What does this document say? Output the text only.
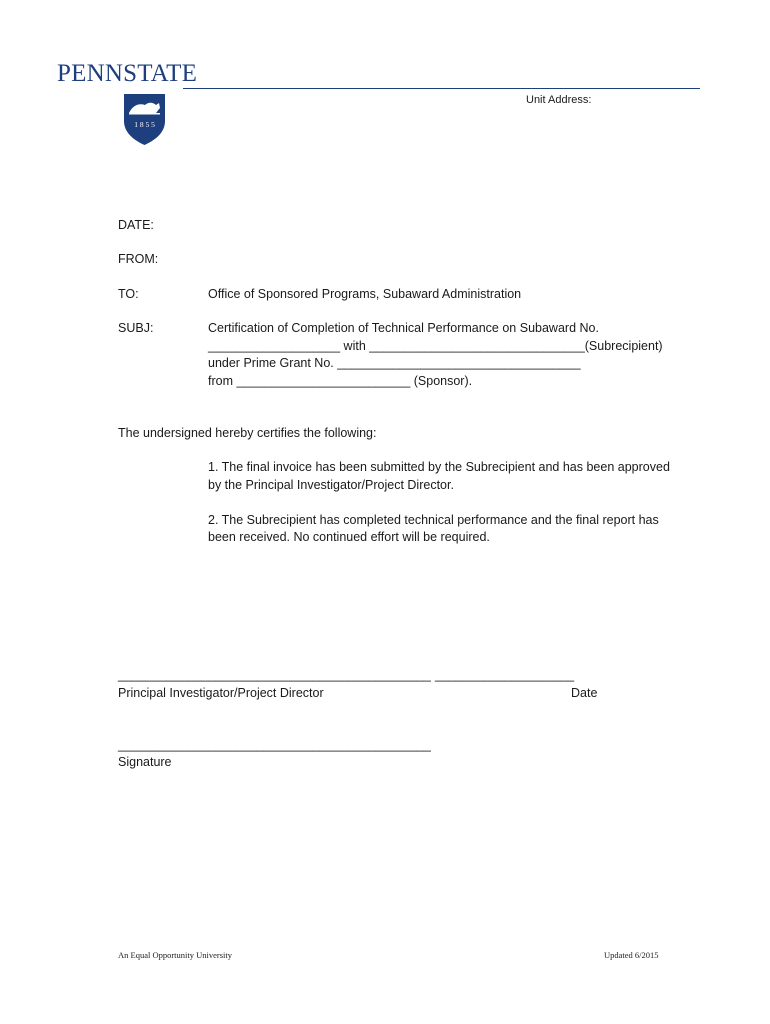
PENNSTATE
1 8 5 5
Unit Address:
DATE:
FROM:
TO:	Office of Sponsored Programs, Subaward Administration
SUBJ:	Certification of Completion of Technical Performance on Subaward No.
___________________ with _______________________________(Subrecipient)
under Prime Grant No. ___________________________________
from _________________________ (Sponsor).
The undersigned hereby certifies the following:
1. The final invoice has been submitted by the Subrecipient and has been approved
by the Principal Investigator/Project Director.
2. The Subrecipient has completed technical performance and the final report has
been received. No continued effort will be required.
_____________________________________________ ____________________
Principal Investigator/Project Director	Date
_____________________________________________
Signature
An Equal Opportunity University	Updated 6/2015
